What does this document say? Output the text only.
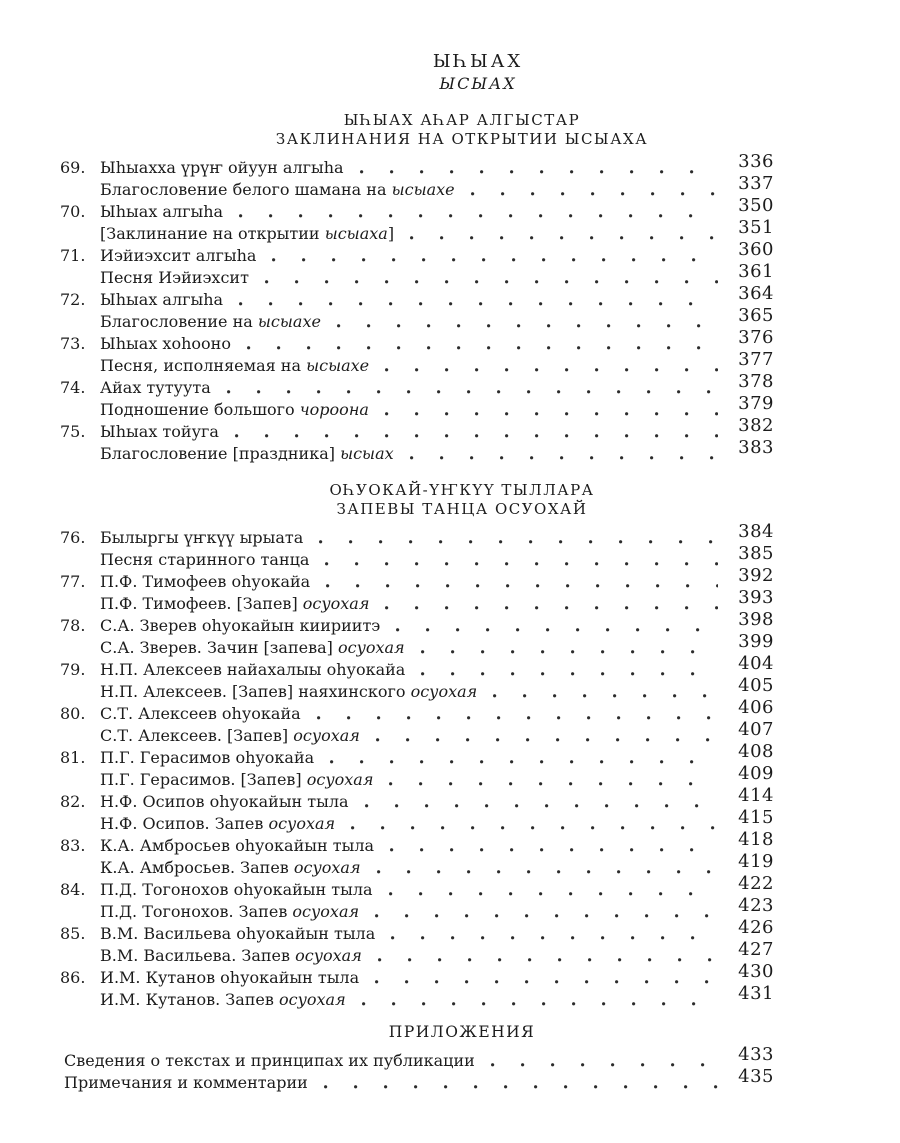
ЫҺЫАХ
ЫСЫАХ
ЫҺЫАХ АҺАР АЛГЫСТАР
ЗАКЛИНАНИЯ НА ОТКРЫТИИ ЫСЫАХА
69. Ыһыахха үрүҥ ойуун алгыһа	336
Благословение белого шамана на ысыахе	337
70. Ыһыах алгыһа	350
[Заклинание на открытии ысыаха]	351
71. Иэйиэхсит алгыһа	360
Песня Иэйиэхсит	361
72. Ыһыах алгыһа	364
Благословение на ысыахе	365
73. Ыһыах хоһооно	376
Песня, исполняемая на ысыахе	377
74. Айах тутуута	378
Подношение большого чороона	379
75. Ыһыах тойуга	382
Благословение [праздника] ысыах	383
ОҺУОКАЙ-ҮҤКҮҮ ТЫЛЛАРА
ЗАПЕВЫ ТАНЦА ОСУОХАЙ
76. Былыргы үҥкүү ырыата	384
Песня старинного танца	385
77. П.Ф. Тимофеев оһуокайа	392
П.Ф. Тимофеев. [Запев] осуохая	393
78. С.А. Зверев оһуокайын киириитэ	398
С.А. Зверев. Зачин [запева] осуохая	399
79. Н.П. Алексеев найахалыы оһуокайа	404
Н.П. Алексеев. [Запев] наяхинского осуохая	405
80. С.Т. Алексеев оһуокайа	406
С.Т. Алексеев. [Запев] осуохая	407
81. П.Г. Герасимов оһуокайа	408
П.Г. Герасимов. [Запев] осуохая	409
82. Н.Ф. Осипов оһуокайын тыла	414
Н.Ф. Осипов. Запев осуохая	415
83. К.А. Амбросьев оһуокайын тыла	418
К.А. Амбросьев. Запев осуохая	419
84. П.Д. Тогонохов оһуокайын тыла	422
П.Д. Тогонохов. Запев осуохая	423
85. В.М. Васильева оһуокайын тыла	426
В.М. Васильева. Запев осуохая	427
86. И.М. Кутанов оһуокайын тыла	430
И.М. Кутанов. Запев осуохая	431
ПРИЛОЖЕНИЯ
Сведения о текстах и принципах их публикации	433
Примечания и комментарии	435
